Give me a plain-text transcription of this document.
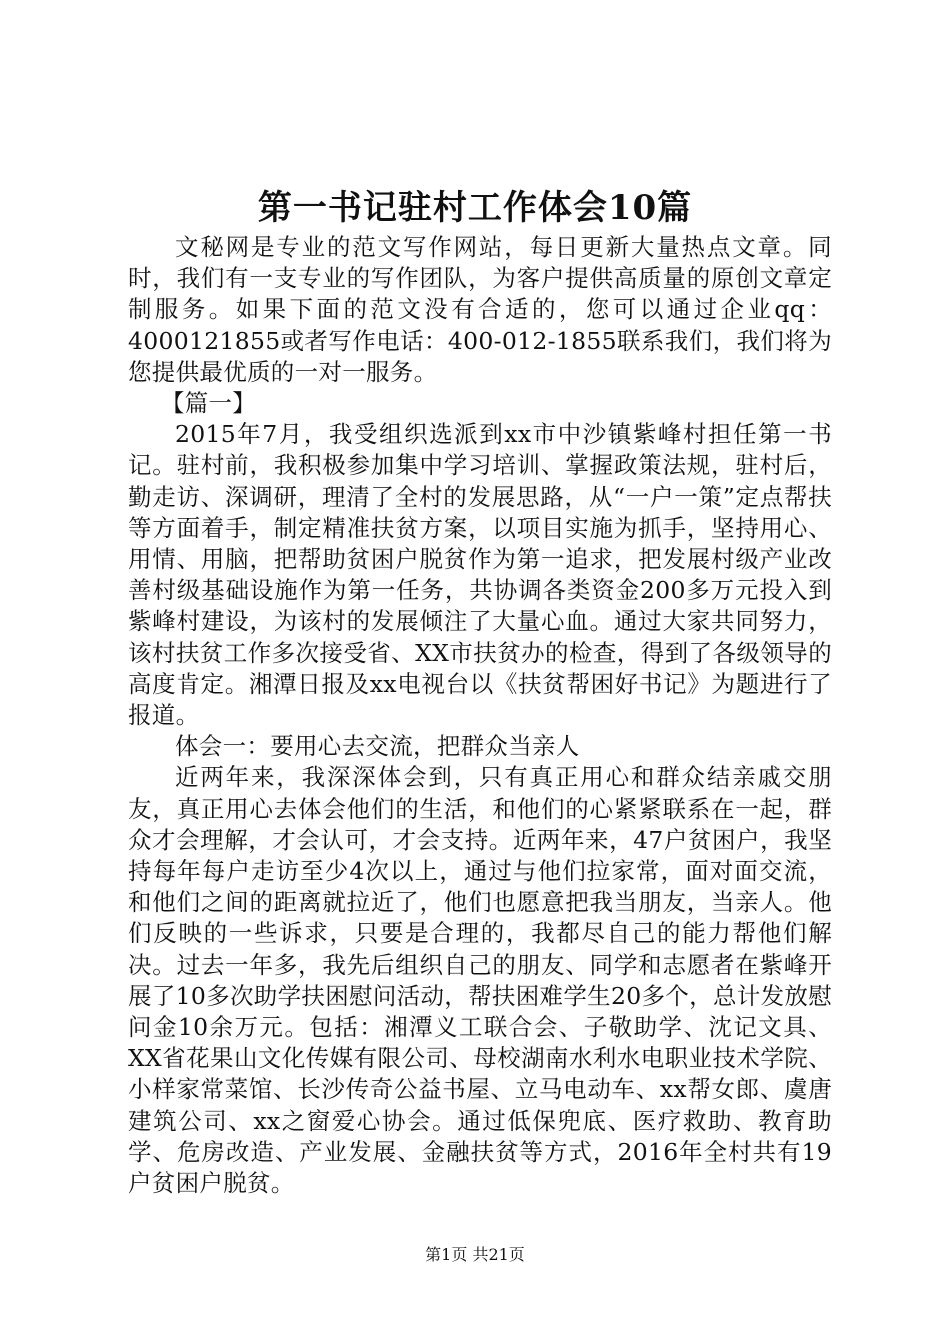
第一书记驻村工作体会10篇

文秘网是专业的范文写作网站，每日更新大量热点文章。同时，我们有一支专业的写作团队，为客户提供高质量的原创文章定制服务。如果下面的范文没有合适的，您可以通过企业qq：4000121855或者写作电话：400-012-1855联系我们，我们将为您提供最优质的一对一服务。

【篇一】

2015年7月，我受组织选派到xx市中沙镇紫峰村担任第一书记。驻村前，我积极参加集中学习培训、掌握政策法规，驻村后，勤走访、深调研，理清了全村的发展思路，从“一户一策”定点帮扶等方面着手，制定精准扶贫方案，以项目实施为抓手，坚持用心、用情、用脑，把帮助贫困户脱贫作为第一追求，把发展村级产业改善村级基础设施作为第一任务，共协调各类资金200多万元投入到紫峰村建设，为该村的发展倾注了大量心血。通过大家共同努力，该村扶贫工作多次接受省、XX市扶贫办的检查，得到了各级领导的高度肯定。湘潭日报及xx电视台以《扶贫帮困好书记》为题进行了报道。

体会一：要用心去交流，把群众当亲人

近两年来，我深深体会到，只有真正用心和群众结亲戚交朋友，真正用心去体会他们的生活，和他们的心紧紧联系在一起，群众才会理解，才会认可，才会支持。近两年来，47户贫困户，我坚持每年每户走访至少4次以上，通过与他们拉家常，面对面交流，和他们之间的距离就拉近了，他们也愿意把我当朋友，当亲人。他们反映的一些诉求，只要是合理的，我都尽自己的能力帮他们解决。过去一年多，我先后组织自己的朋友、同学和志愿者在紫峰开展了10多次助学扶困慰问活动，帮扶困难学生20多个，总计发放慰问金10余万元。包括：湘潭义工联合会、子敬助学、沈记文具、XX省花果山文化传媒有限公司、母校湖南水利水电职业技术学院、小样家常菜馆、长沙传奇公益书屋、立马电动车、xx帮女郎、虞唐建筑公司、xx之窗爱心协会。通过低保兜底、医疗救助、教育助学、危房改造、产业发展、金融扶贫等方式，2016年全村共有19户贫困户脱贫。

第1页 共21页
